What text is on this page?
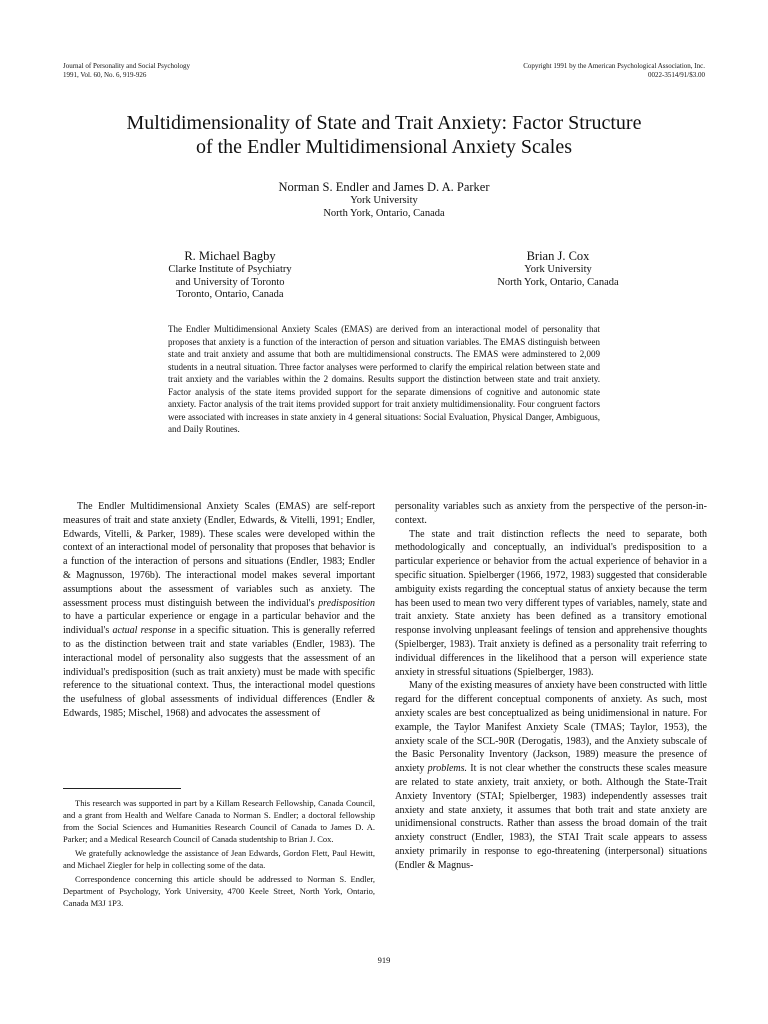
Journal of Personality and Social Psychology
1991, Vol. 60, No. 6, 919-926
Copyright 1991 by the American Psychological Association, Inc.
0022-3514/91/$3.00
Multidimensionality of State and Trait Anxiety: Factor Structure
of the Endler Multidimensional Anxiety Scales
Norman S. Endler and James D. A. Parker
York University
North York, Ontario, Canada
R. Michael Bagby
Clarke Institute of Psychiatry
and University of Toronto
Toronto, Ontario, Canada
Brian J. Cox
York University
North York, Ontario, Canada
The Endler Multidimensional Anxiety Scales (EMAS) are derived from an interactional model of personality that proposes that anxiety is a function of the interaction of person and situation variables. The EMAS distinguish between state and trait anxiety and assume that both are multidimensional constructs. The EMAS were adminstered to 2,009 students in a neutral situation. Three factor analyses were performed to clarify the empirical relation between state and trait anxiety and the variables within the 2 domains. Results support the distinction between state and trait anxiety. Factor analysis of the state items provided support for the separate dimensions of cognitive and autonomic state anxiety. Factor analysis of the trait items provided support for trait anxiety multidimensionality. Four congruent factors were associated with increases in state anxiety in 4 general situations: Social Evaluation, Physical Danger, Ambiguous, and Daily Routines.

The Endler Multidimensional Anxiety Scales (EMAS) are self-report measures of trait and state anxiety (Endler, Edwards, & Vitelli, 1991; Endler, Edwards, Vitelli, & Parker, 1989). These scales were developed within the context of an interactional model of personality that proposes that behavior is a function of the interaction of persons and situations (Endler, 1983; Endler & Magnusson, 1976b). The interactional model makes several important assumptions about the assessment of variables such as anxiety. The assessment process must distinguish between the individual's predisposition to have a particular experience or engage in a particular behavior and the individual's actual response in a specific situation. This is generally referred to as the distinction between trait and state variables (Endler, 1983). The interactional model of personality also suggests that the assessment of an individual's predisposition (such as trait anxiety) must be made with specific reference to the situational context. Thus, the interactional model questions the usefulness of global assessments of individual differences (Endler & Edwards, 1985; Mischel, 1968) and advocates the assessment of

This research was supported in part by a Killam Research Fellowship, Canada Council, and a grant from Health and Welfare Canada to Norman S. Endler; a doctoral fellowship from the Social Sciences and Humanities Research Council of Canada to James D. A. Parker; and a Medical Research Council of Canada studentship to Brian J. Cox.

We gratefully acknowledge the assistance of Jean Edwards, Gordon Flett, Paul Hewitt, and Michael Ziegler for help in collecting some of the data.

Correspondence concerning this article should be addressed to Norman S. Endler, Department of Psychology, York University, 4700 Keele Street, North York, Ontario, Canada M3J 1P3.

personality variables such as anxiety from the perspective of the person-in-context.

The state and trait distinction reflects the need to separate, both methodologically and conceptually, an individual's predisposition to a particular experience or behavior from the actual experience of behavior in a specific situation. Spielberger (1966, 1972, 1983) suggested that considerable ambiguity exists regarding the conceptual status of anxiety because the term has been used to mean two very different types of variables, namely, state and trait anxiety. State anxiety has been defined as a transitory emotional response involving unpleasant feelings of tension and apprehensive thoughts (Spielberger, 1983). Trait anxiety is defined as a personality trait referring to individual differences in the likelihood that a person will experience state anxiety in stressful situations (Spielberger, 1983).

Many of the existing measures of anxiety have been constructed with little regard for the different conceptual components of anxiety. As such, most anxiety scales are best conceptualized as being unidimensional in nature. For example, the Taylor Manifest Anxiety Scale (TMAS; Taylor, 1953), the anxiety scale of the SCL-90R (Derogatis, 1983), and the Anxiety subscale of the Basic Personality Inventory (Jackson, 1989) measure the presence of anxiety problems. It is not clear whether the constructs these scales measure are related to state anxiety, trait anxiety, or both. Although the State-Trait Anxiety Inventory (STAI; Spielberger, 1983) independently assesses trait anxiety and state anxiety, it assumes that both trait and state anxiety are unidimensional constructs. Rather than assess the broad domain of the trait anxiety construct (Endler, 1983), the STAI Trait scale appears to assess anxiety primarily in response to ego-threatening (interpersonal) situations (Endler & Magnus-

919
